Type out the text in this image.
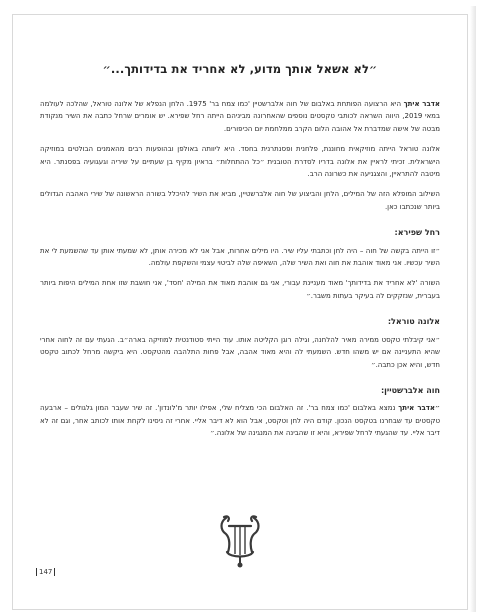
״לא אשאל אותך מדוע, לא אחריד את בדידותך...״

אדבר איתך היא הרצועה הפותחת באלבום של חוה אלברשטיין 'כמו צמח בר' 1975. הלחן הנפלא של אלונה טוראל, שהלכה לעולמה במאי 2019, היווה השראה לכותבי טקסטים נוספים שהאחרונה מביניהם הייתה רחל שפירא. יש אומרים שרחל כתבה את השיר מנקודת מבטה של אישה שמדברת אל אהובה הלום הקרב ממלחמת יום הכיפורים.

אלונה טוראל הייתה מוזיקאית מחוננת, פלחנית ופסנתרנית בחסד. היא ליוותה באולפן ובהופעות רבים מהאמנים הבולטים במוזיקה הישראלית. זכיתי לראיין את אלונה בדריו לסדרת הטובנית ״כל ההתחלות״ בראיון מקיף בן שעתיים על שיריה וגעגועיה בפסנתר. היא מיטבה להתראיין, והצגניעה את כשרונה הרב.

השילוב המופלא הזה של המילים, הלחן והביצוע של חוה אלברשטיין, מביא את השיר להיכלל בשורה הראשונה של שירי האהבה הגדולים ביותר שנכתבו כאן.

רחל שפירא:

״זו הייתה בקשה של חוה – היה לחן וכתבתי עליו שיר. היו מילים אחרות, אבל אני לא מכירה אותן, לא שמעתי אותן עד שהשמעת לי את השיר עכשיו. אני מאוד אוהבת את חוה ואת השיר שלה, השאיפה שלה לביטוי עצמי והשקפת עולמה.

השורה 'לא אחריד את בדידותך' מאוד מעניינת עבורי, אני גם אוהבת מאוד את המילה 'חסד', אני חושבת שזו אחת המילים היפות ביותר בעברית, שנזקקים לה בעיקר בעתות משבר.״

אלונה טוראל:

״אני קיבלתי טקסט ממירה מאיר להלחנה, וגילה רוגן הקליטה אותו. עוד הייתי סטודנטית למוזיקה בארה״ב. הגעתי עם זה לחוה אחרי שהיא התעניינה אם יש משהו חדש. השמעתי לה והיא מאוד אהבה, אבל פחות התלהבה מהטקסט. היא ביקשה מרחל לכתוב טקסט חדש, והיא אכן כתבה.״

חוה אלברשטיין:

״אדבר איתך נמצא באלבום 'כמו צמח בר'. זה האלבום הכי מצליח שלי, אפילו יותר מ'לונדון'. זה שיר שעבר המון גלגולים – ארבעה טקסטים עד שבחרנו בטקסט הנכון. קודם היה לחן וטקסט, אבל הוא לא דיבר אליי. אחרי זה ניסינו לקחת אותו לכותב אחר, וגם זה לא דיבר אליי. עד שהגעתי לרחל שפירא, והיא זו שהבינה את המנגינה של אלונה.״

147
